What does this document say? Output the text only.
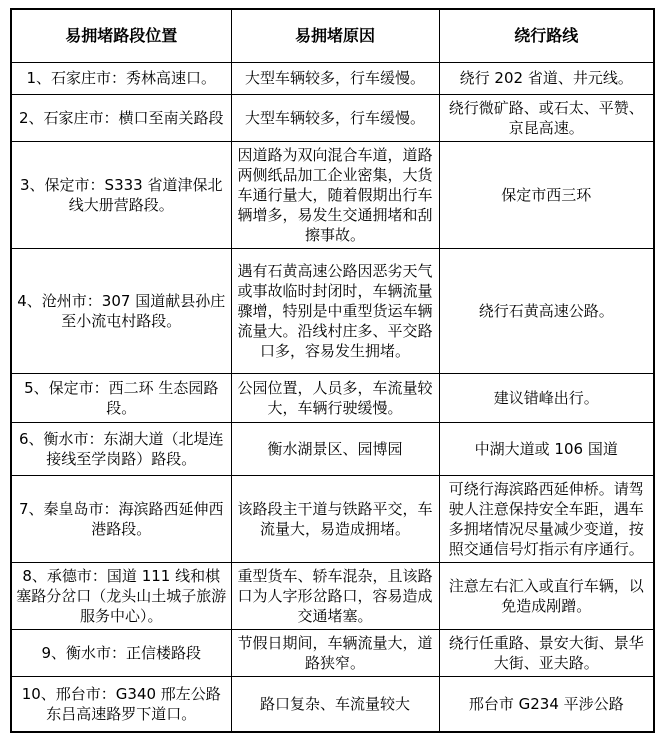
易拥堵路段位置	易拥堵原因	绕行路线
1、石家庄市：秀林高速口。	大型车辆较多，行车缓慢。	绕行 202 省道、井元线。
2、石家庄市：横口至南关路段	大型车辆较多，行车缓慢。	绕行微矿路、或石太、平赞、京昆高速。
3、保定市：S333 省道津保北线大册营路段。	因道路为双向混合车道，道路两侧纸品加工企业密集，大货车通行量大，随着假期出行车辆增多，易发生交通拥堵和刮擦事故。	保定市西三环
4、沧州市：307 国道献县孙庄至小流屯村路段。	遇有石黄高速公路因恶劣天气或事故临时封闭时，车辆流量骤增，特别是中重型货运车辆流量大。沿线村庄多、平交路口多，容易发生拥堵。	绕行石黄高速公路。
5、保定市：西二环 生态园路段。	公园位置，人员多，车流量较大，车辆行驶缓慢。	建议错峰出行。
6、衡水市：东湖大道（北堤连接线至学岗路）路段。	衡水湖景区、园博园	中湖大道或 106 国道
7、秦皇岛市：海滨路西延伸西港路段。	该路段主干道与铁路平交，车流量大，易造成拥堵。	可绕行海滨路西延伸桥。请驾驶人注意保持安全车距，遇车多拥堵情况尽量减少变道，按照交通信号灯指示有序通行。
8、承德市：国道 111 线和棋塞路分岔口（龙头山土城子旅游服务中心）。	重型货车、轿车混杂，且该路口为人字形岔路口，容易造成交通堵塞。	注意左右汇入或直行车辆，以免造成剐蹭。
9、衡水市：正信楼路段	节假日期间，车辆流量大，道路狭窄。	绕行任重路、景安大街、景华大街、亚夫路。
10、邢台市：G340 邢左公路东吕高速路罗下道口。	路口复杂、车流量较大	邢台市 G234 平涉公路
